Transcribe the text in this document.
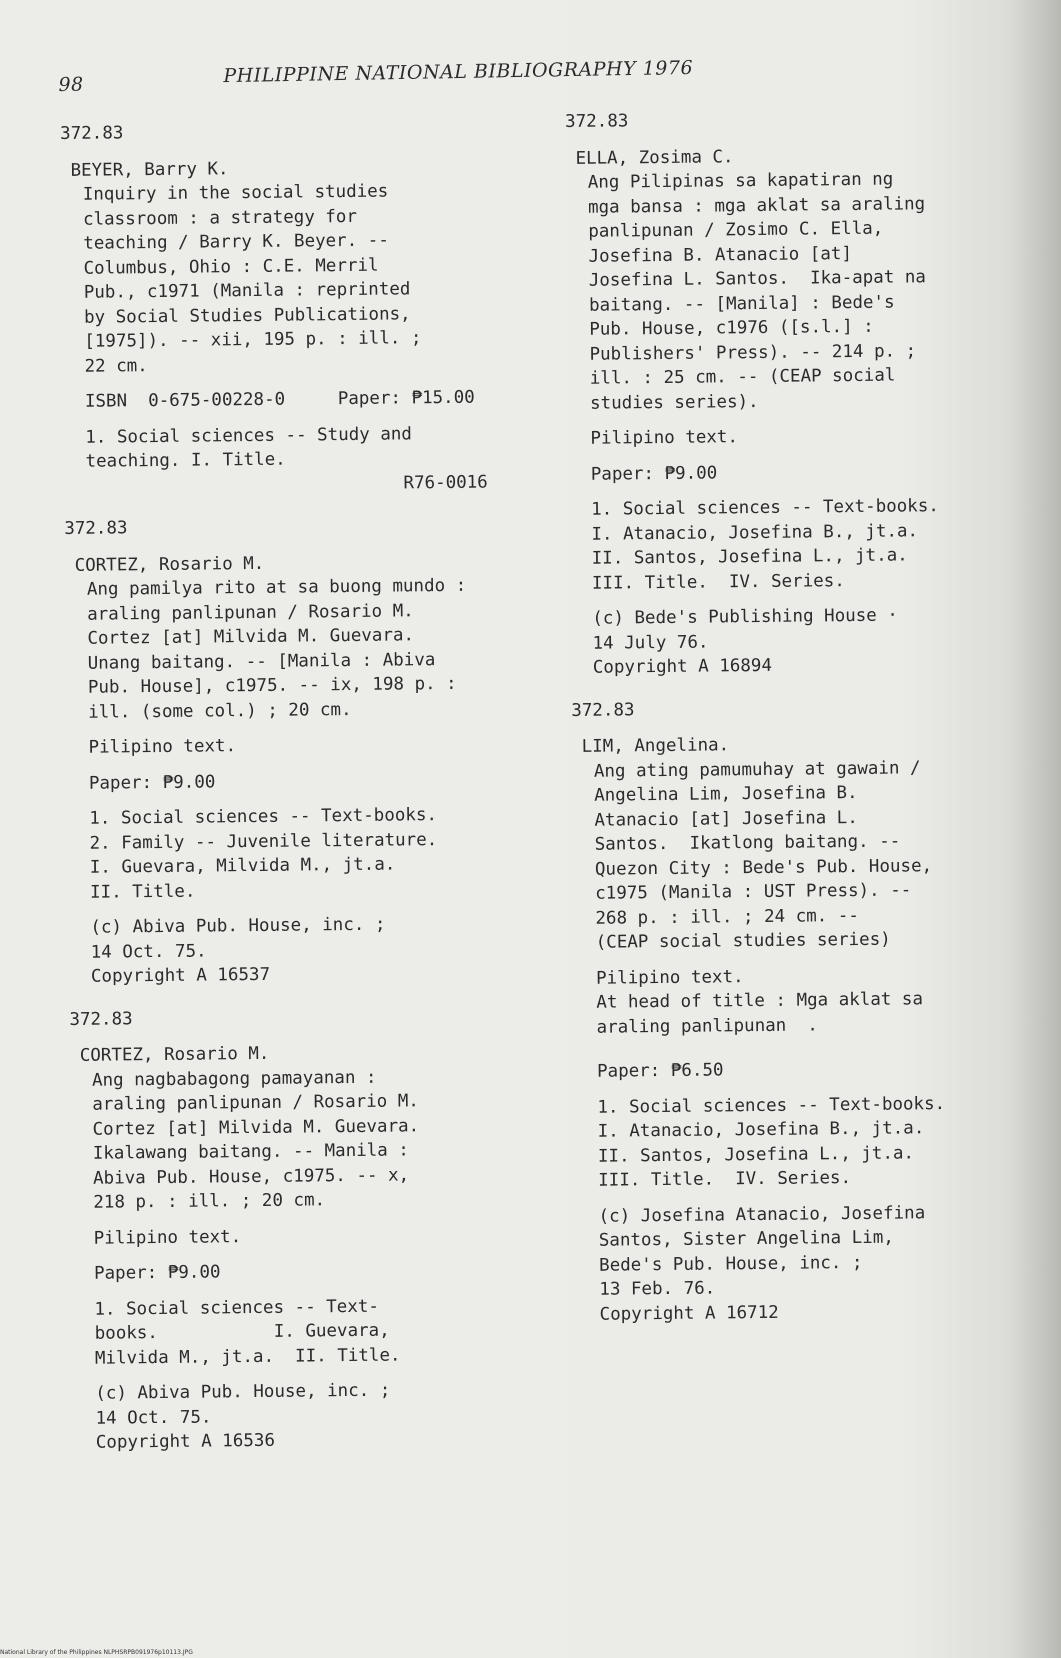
98	PHILIPPINE NATIONAL BIBLIOGRAPHY 1976
372.83
BEYER, Barry K.
Inquiry in the social studies
classroom : a strategy for
teaching / Barry K. Beyer. --
Columbus, Ohio : C.E. Merril
Pub., c1971 (Manila : reprinted
by Social Studies Publications,
[1975]). -- xii, 195 p. : ill. ;
22 cm.
ISBN  0-675-00228-0     Paper: ₱15.00
1. Social sciences -- Study and
teaching. I. Title.
R76-0016
372.83
CORTEZ, Rosario M.
Ang pamilya rito at sa buong mundo :
araling panlipunan / Rosario M.
Cortez [at] Milvida M. Guevara.
Unang baitang. -- [Manila : Abiva
Pub. House], c1975. -- ix, 198 p. :
ill. (some col.) ; 20 cm.
Pilipino text.
Paper: ₱9.00
1. Social sciences -- Text-books.
2. Family -- Juvenile literature.
I. Guevara, Milvida M., jt.a.
II. Title.
(c) Abiva Pub. House, inc. ;
14 Oct. 75.
Copyright A 16537
372.83
CORTEZ, Rosario M.
Ang nagbabagong pamayanan :
araling panlipunan / Rosario M.
Cortez [at] Milvida M. Guevara.
Ikalawang baitang. -- Manila :
Abiva Pub. House, c1975. -- x,
218 p. : ill. ; 20 cm.
Pilipino text.
Paper: ₱9.00
1. Social sciences -- Text-
books.           I. Guevara,
Milvida M., jt.a.  II. Title.
(c) Abiva Pub. House, inc. ;
14 Oct. 75.
Copyright A 16536
372.83
ELLA, Zosima C.
Ang Pilipinas sa kapatiran ng
mga bansa : mga aklat sa araling
panlipunan / Zosimo C. Ella,
Josefina B. Atanacio [at]
Josefina L. Santos.  Ika-apat na
baitang. -- [Manila] : Bede's
Pub. House, c1976 ([s.l.] :
Publishers' Press). -- 214 p. ;
ill. : 25 cm. -- (CEAP social
studies series).
Pilipino text.
Paper: ₱9.00
1. Social sciences -- Text-books.
I. Atanacio, Josefina B., jt.a.
II. Santos, Josefina L., jt.a.
III. Title.  IV. Series.
(c) Bede's Publishing House ·
14 July 76.
Copyright A 16894
372.83
LIM, Angelina.
Ang ating pamumuhay at gawain /
Angelina Lim, Josefina B.
Atanacio [at] Josefina L.
Santos.  Ikatlong baitang. --
Quezon City : Bede's Pub. House,
c1975 (Manila : UST Press). --
268 p. : ill. ; 24 cm. --
(CEAP social studies series)
Pilipino text.
At head of title : Mga aklat sa
araling panlipunan  .
Paper: ₱6.50
1. Social sciences -- Text-books.
I. Atanacio, Josefina B., jt.a.
II. Santos, Josefina L., jt.a.
III. Title.  IV. Series.
(c) Josefina Atanacio, Josefina
Santos, Sister Angelina Lim,
Bede's Pub. House, inc. ;
13 Feb. 76.
Copyright A 16712
National Library of the Philippines NLPHSRPB091976p10113.JPG
